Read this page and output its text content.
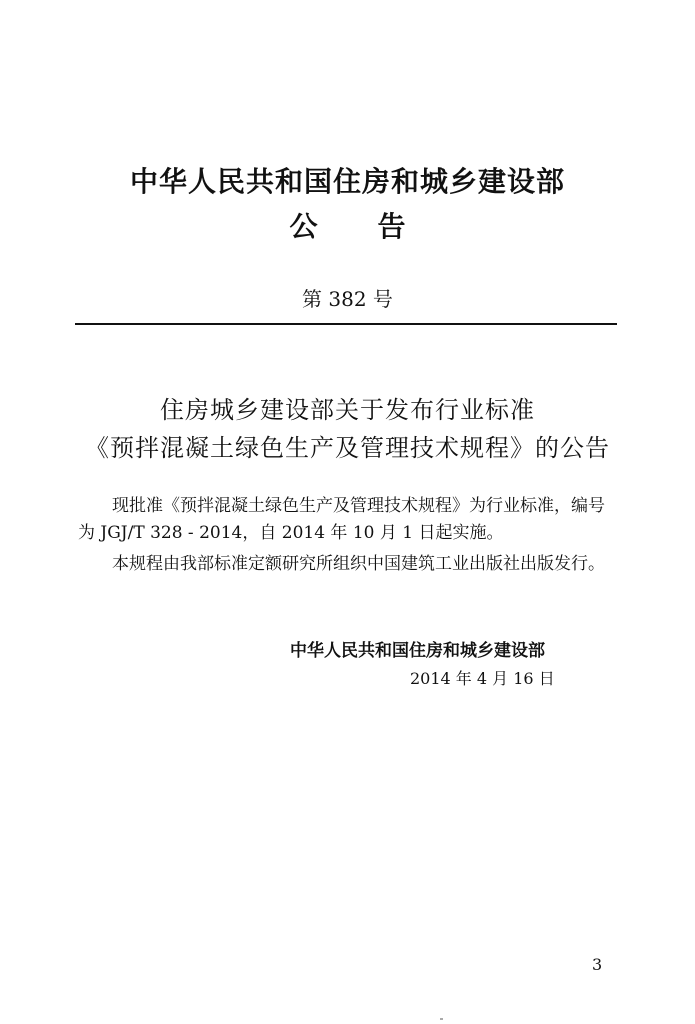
中华人民共和国住房和城乡建设部
公 告
第 382 号
住房城乡建设部关于发布行业标准
《预拌混凝土绿色生产及管理技术规程》的公告
现批准《预拌混凝土绿色生产及管理技术规程》为行业标准，编号为 JGJ/T 328 - 2014，自 2014 年 10 月 1 日起实施。
本规程由我部标准定额研究所组织中国建筑工业出版社出版发行。
中华人民共和国住房和城乡建设部
2014 年 4 月 16 日
3
